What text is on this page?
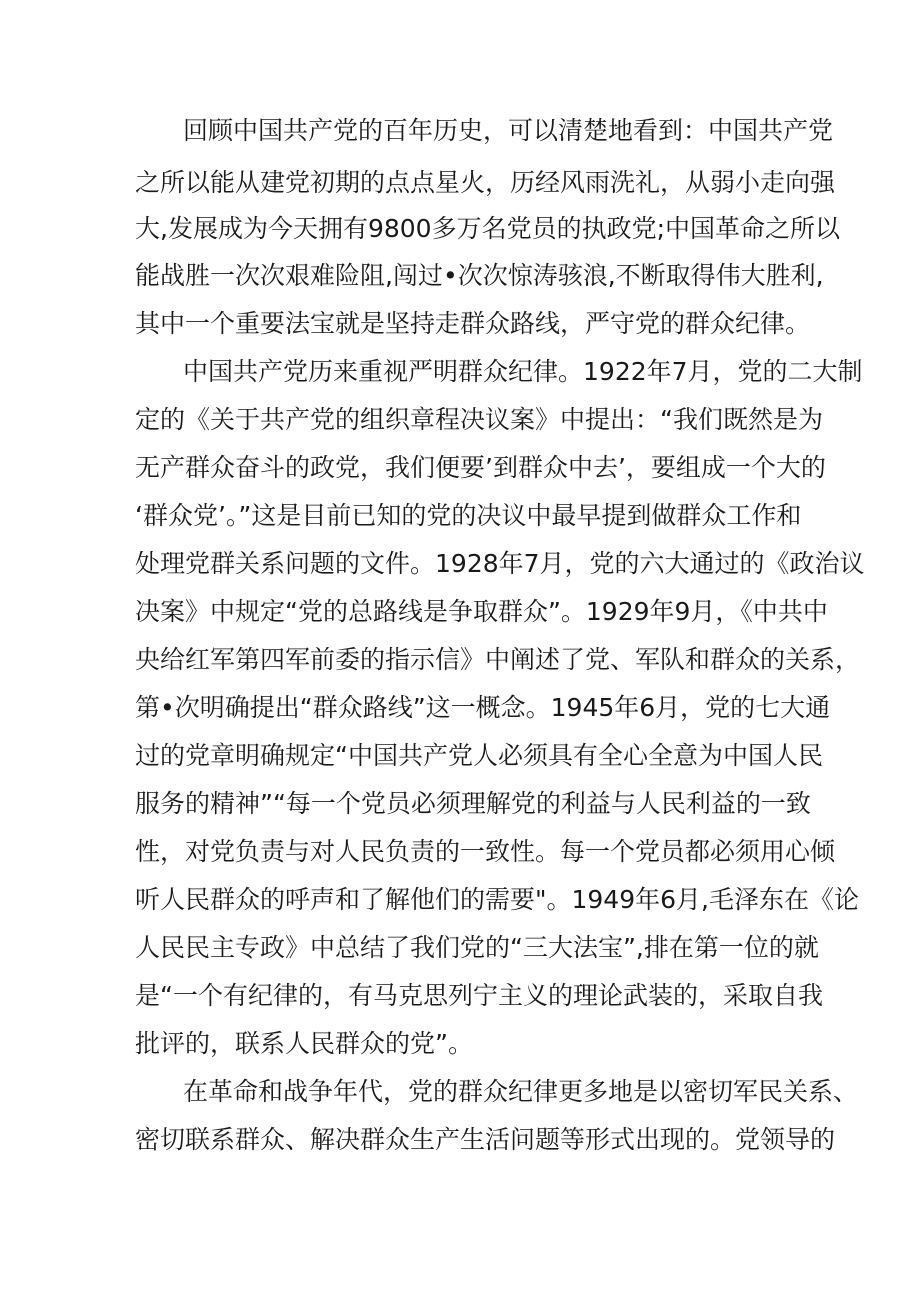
回顾中国共产党的百年历史，可以清楚地看到：中国共产党

之所以能从建党初期的点点星火，历经风雨洗礼，从弱小走向强

大,发展成为今天拥有9800多万名党员的执政党;中国革命之所以

能战胜一次次艰难险阻,闯过•次次惊涛骇浪,不断取得伟大胜利,

其中一个重要法宝就是坚持走群众路线，严守党的群众纪律。

中国共产党历来重视严明群众纪律。1922年7月，党的二大制

定的《关于共产党的组织章程决议案》中提出：“我们既然是为

无产群众奋斗的政党，我们便要’到群众中去’，要组成一个大的

‘群众党’。”这是目前已知的党的决议中最早提到做群众工作和

处理党群关系问题的文件。1928年7月，党的六大通过的《政治议

决案》中规定“党的总路线是争取群众”。1929年9月，《中共中

央给红军第四军前委的指示信》中阐述了党、军队和群众的关系，

第•次明确提出“群众路线”这一概念。1945年6月，党的七大通

过的党章明确规定“中国共产党人必须具有全心全意为中国人民

服务的精神”“每一个党员必须理解党的利益与人民利益的一致

性，对党负责与对人民负责的一致性。每一个党员都必须用心倾

听人民群众的呼声和了解他们的需要"。1949年6月,毛泽东在《论

人民民主专政》中总结了我们党的“三大法宝”,排在第一位的就

是“一个有纪律的，有马克思列宁主义的理论武装的，采取自我

批评的，联系人民群众的党”。

在革命和战争年代，党的群众纪律更多地是以密切军民关系、

密切联系群众、解决群众生产生活问题等形式出现的。党领导的
